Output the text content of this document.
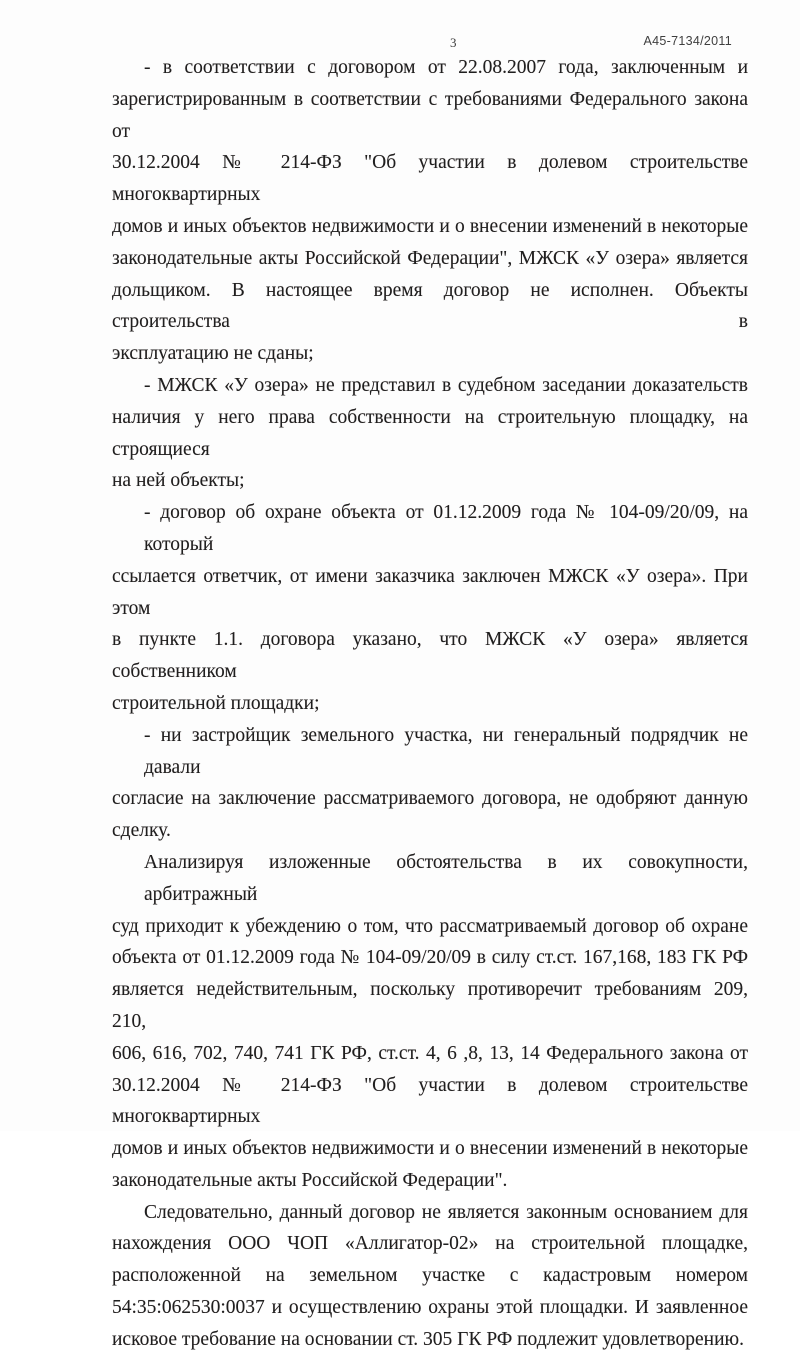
3	А45-7134/2011

- в соответствии с договором от 22.08.2007 года, заключенным и
зарегистрированным в соответствии с требованиями Федерального закона от
30.12.2004 № 214-ФЗ "Об участии в долевом строительстве многоквартирных
домов и иных объектов недвижимости и о внесении изменений в некоторые
законодательные акты Российской Федерации", МЖСК «У озера» является
дольщиком. В настоящее время договор не исполнен. Объекты строительства в
эксплуатацию не сданы;

- МЖСК «У озера» не представил в судебном заседании доказательств
наличия у него права собственности на строительную площадку, на строящиеся
на ней объекты;

- договор об охране объекта от 01.12.2009 года № 104-09/20/09, на который
ссылается ответчик, от имени заказчика заключен МЖСК «У озера». При этом
в пункте 1.1. договора указано, что МЖСК «У озера» является собственником
строительной площадки;

- ни застройщик земельного участка, ни генеральный подрядчик не давали
согласие на заключение рассматриваемого договора, не одобряют данную
сделку.

Анализируя изложенные обстоятельства в их совокупности, арбитражный
суд приходит к убеждению о том, что рассматриваемый договор об охране
объекта от 01.12.2009 года № 104-09/20/09 в силу ст.ст. 167,168, 183 ГК РФ
является недействительным, поскольку противоречит требованиям 209, 210,
606, 616, 702, 740, 741 ГК РФ, ст.ст. 4, 6 ,8, 13, 14 Федерального закона от
30.12.2004 № 214-ФЗ "Об участии в долевом строительстве многоквартирных
домов и иных объектов недвижимости и о внесении изменений в некоторые
законодательные акты Российской Федерации".

Следовательно, данный договор не является законным основанием для
нахождения ООО ЧОП «Аллигатор-02» на строительной площадке,
расположенной на земельном участке с кадастровым номером
54:35:062530:0037 и осуществлению охраны этой площадки. И заявленное
исковое требование на основании ст. 305 ГК РФ подлежит удовлетворению.
